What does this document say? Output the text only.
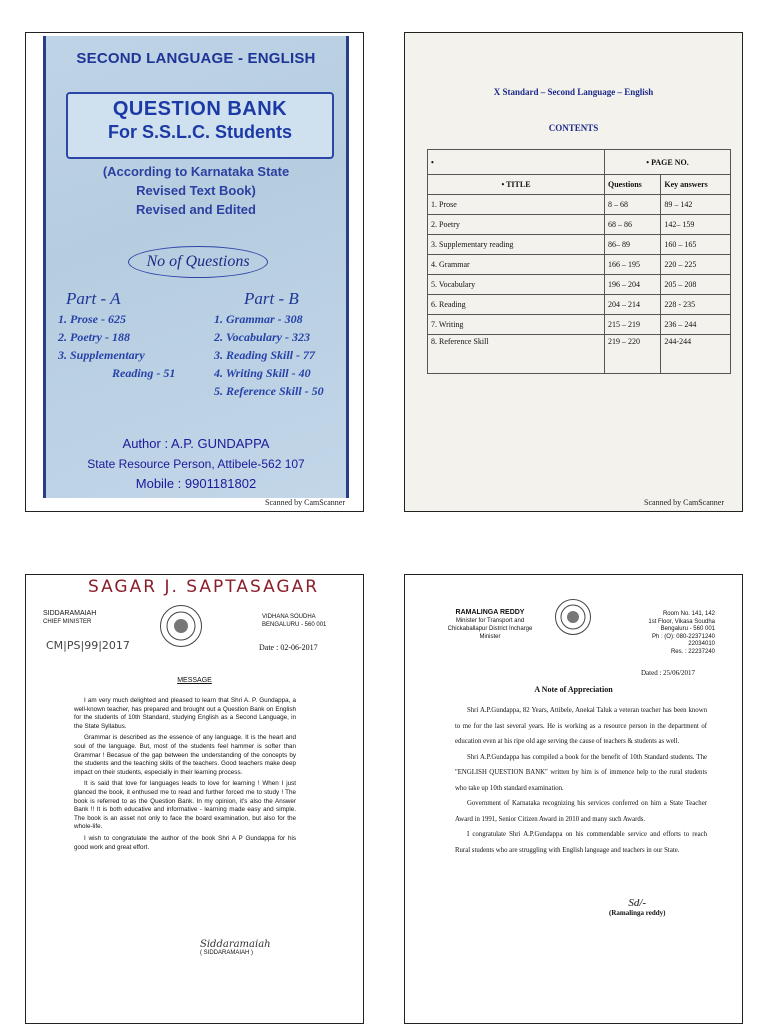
SECOND LANGUAGE - ENGLISH
QUESTION BANK
For S.S.L.C. Students
(According to Karnataka State
Revised Text Book)
Revised and Edited
No of Questions
Part - A	Part - B
1. Prose - 625
2. Poetry - 188
3. Supplementary
Reading - 51
1. Grammar - 308
2. Vocabulary - 323
3. Reading Skill - 77
4. Writing Skill - 40
5. Reference Skill - 50
Author : A.P. GUNDAPPA
State Resource Person, Attibele-562 107
Mobile : 9901181802
Scanned by CamScanner
X Standard – Second Language – English
CONTENTS
•	• PAGE NO.	
• TITLE	Questions	Key answers
1. Prose	8 – 68	89 – 142
2. Poetry	68 – 86	142– 159
3. Supplementary reading	86– 89	160 – 165
4. Grammar	166 – 195	220 – 225
5. Vocabulary	196 – 204	205 – 208
6. Reading	204 – 214	228 - 235
7. Writing	215 – 219	236 – 244
8. Reference Skill	219 – 220	244-244
Scanned by CamScanner
SAGAR J. SAPTASAGAR
SIDDARAMAIAH
CHIEF MINISTER
VIDHANA SOUDHA
BENGALURU - 560 001
CM|PS|99|2017	Date : 02-06-2017
MESSAGE

I am very much delighted and pleased to learn that Shri A. P. Gundappa, a well-known teacher, has prepared and brought out a Question Bank on English for the students of 10th Standard, studying English as a Second Language, in the State Syllabus.

Grammar is described as the essence of any language. It is the heart and soul of the language. But, most of the students feel hammer is softer than Grammar ! Becasue of the gap between the understanding of the concepts by the students and the teaching skills of the teachers. Good teachers make deep impact on their students, especially in their learning process.

It is said that love for languages leads to love for learning ! When I just glanced the book, it enthused me to read and further forced me to study ! The book is referred to as the Question Bank. In my opinion, it's also the Answer Bank !! It is both educative and informative - learning made easy and simple. The book is an asset not only to face the board examination, but also for the whole-life.

I wish to congratulate the author of the book Shri A P Gundappa for his good work and great effort.

Siddaramaiah
( SIDDARAMAIAH )
RAMALINGA REDDY
Minister for Transport and
Chickaballapur District Incharge
Minister
Room No. 141, 142
1st Floor, Vikasa Soudha
Bengaluru - 560 001
Ph : (O): 080-22371240
22034010
Res. : 22237240
Dated : 25/06/2017
A Note of Appreciation

Shri A.P.Gundappa, 82 Years, Attibele, Anekal Taluk a veteran teacher has been known to me for the last several years. He is working as a resource person in the department of education even at his ripe old age serving the cause of teachers & students as well.

Shri A.P.Gundappa has compiled a book for the benefit of 10th Standard students. The "ENGLISH QUESTION BANK" written by him is of immence help to the rural students who take up 10th standard examination.

Government of Karnataka recognizing his services conferred on him a State Teacher Award in 1991, Senior Citizen Award in 2010 and many such Awards.

I congratulate Shri A.P.Gundappa on his commendable service and efforts to reach Rural students who are struggling with English language and teachers in our State.

Sd/-
(Ramalinga reddy)
